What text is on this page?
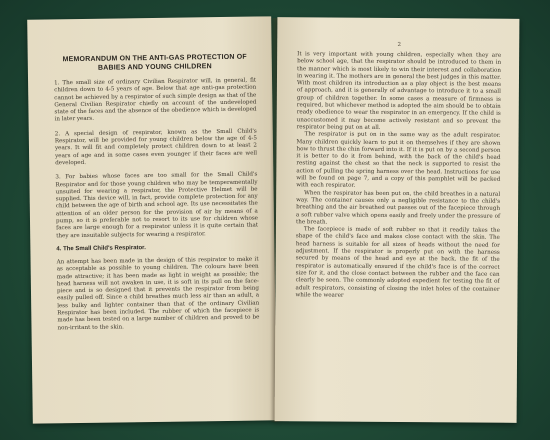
MEMORANDUM ON THE ANTI-GAS PROTECTION OF BABIES AND YOUNG CHILDREN

1. The small size of ordinary Civilian Respirator will, in general, fit children down to 4-5 years of age. Below that age anti-gas protection cannot be achieved by a respirator of such simple design as that of the General Civilian Respirator chiefly on account of the undeveloped state of the faces and the absence of the obedience which is developed in later years.

2. A special design of respirator, known as the Small Child's Respirator, will be provided for young children below the age of 4-5 years. It will fit and completely protect children down to at least 2 years of age and in some cases even younger if their faces are well developed.

3. For babies whose faces are too small for the Small Child's Respirator and for those young children who may be temperamentally unsuited for wearing a respirator, the Protective Helmet will be supplied. This device will, in fact, provide complete protection for any child between the age of birth and school age. Its use necessitates the attention of an older person for the provision of air by means of a pump, so it is preferable not to resort to its use for children whose faces are large enough for a respirator unless it is quite certain that they are insuitable subjects for wearing a respirator.

4. The Small Child's Respirator.

An attempt has been made in the design of this respirator to make it as acceptable as possible to young children. The colours have been made attractive; it has been made as light in weight as possible; the head harness will not awaken in use, it is soft in its pull on the face-piece and is so designed that it prevents the respirator from being easily pulled off. Since a child breathes much less air than an adult, a less bulky and lighter container than that of the ordinary Civilian Respirator has been included. The rubber of which the facepiece is made has been tested on a large number of children and proved to be non-irritant to the skin.

2

It is very important with young children, especially when they are below school age, that the respirator should be introduced to them in the manner which is most likely to win their interest and collaboration in wearing it. The mothers are in general the best judges in this matter. With most children its introduction as a play object is the best means of approach, and it is generally of advantage to introduce it to a small group of children together. In some cases a measure of firmness is required, but whichever method is adopted the aim should be to obtain ready obedience to wear the respirator in an emergency. If the child is unaccustomed it may become actively resistant and so prevent the respirator being put on at all.

The respirator is put on in the same way as the adult respirator. Many children quickly learn to put it on themselves if they are shown how to thrust the chin forward into it. If it is put on by a second person it is better to do it from behind, with the back of the child's head resting against the chest so that the neck is supported to resist the action of pulling the spring harness over the head. Instructions for use will be found on page 7, and a copy of this pamphlet will be packed with each respirator.

When the respirator has been put on, the child breathes in a natural way. The container causes only a negligible resistance to the child's breathing and the air breathed out passes out of the facepiece through a soft rubber valve which opens easily and freely under the pressure of the breath.

The facepiece is made of soft rubber so that it readily takes the shape of the child's face and makes close contact with the skin. The head harness is suitable for all sizes of heads without the need for adjustment. If the respirator is properly put on with the harness secured by means of the head and eye at the back, the fit of the respirator is automatically ensured if the child's face is of the correct size for it, and the close contact between the rubber and the face can clearly be seen. The commonly adopted expedient for testing the fit of adult respirators, consisting of closing the inlet holes of the container while the wearer
